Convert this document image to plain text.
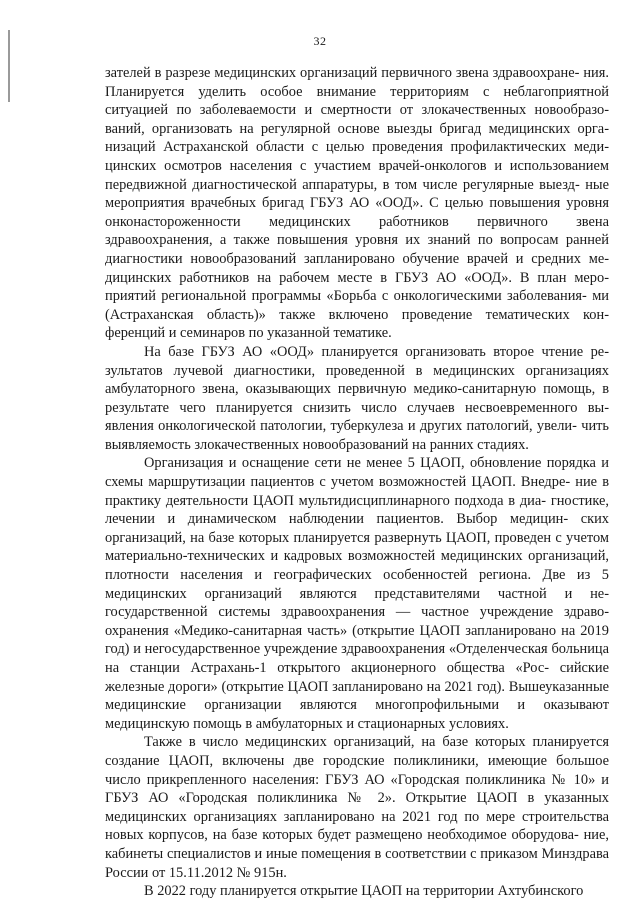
32

зателей в разрезе медицинских организаций первичного звена здравоохране- ния. Планируется уделить особое внимание территориям с неблагоприятной ситуацией по заболеваемости и смертности от злокачественных новообразо- ваний, организовать на регулярной основе выезды бригад медицинских орга- низаций Астраханской области с целью проведения профилактических меди- цинских осмотров населения с участием врачей-онкологов и использованием передвижной диагностической аппаратуры, в том числе регулярные выезд- ные мероприятия врачебных бригад ГБУЗ АО «ООД». С целью повышения уровня онконастороженности медицинских работников первичного звена здравоохранения, а также повышения уровня их знаний по вопросам ранней диагностики новообразований запланировано обучение врачей и средних ме- дицинских работников на рабочем месте в ГБУЗ АО «ООД». В план меро- приятий региональной программы «Борьба с онкологическими заболевания- ми (Астраханская область)» также включено проведение тематических кон- ференций и семинаров по указанной тематике.

На базе ГБУЗ АО «ООД» планируется организовать второе чтение ре- зультатов лучевой диагностики, проведенной в медицинских организациях амбулаторного звена, оказывающих первичную медико-санитарную помощь, в результате чего планируется снизить число случаев несвоевременного вы- явления онкологической патологии, туберкулеза и других патологий, увели- чить выявляемость злокачественных новообразований на ранних стадиях.

Организация и оснащение сети не менее 5 ЦАОП, обновление порядка и схемы маршрутизации пациентов с учетом возможностей ЦАОП. Внедре- ние в практику деятельности ЦАОП мультидисциплинарного подхода в диа- гностике, лечении и динамическом наблюдении пациентов. Выбор медицин- ских организаций, на базе которых планируется развернуть ЦАОП, проведен с учетом материально-технических и кадровых возможностей медицинских организаций, плотности населения и географических особенностей региона. Две из 5 медицинских организаций являются представителями частной и не- государственной системы здравоохранения — частное учреждение здраво- охранения «Медико-санитарная часть» (открытие ЦАОП запланировано на 2019 год) и негосударственное учреждение здравоохранения «Отделенческая больница на станции Астрахань-1 открытого акционерного общества «Рос- сийские железные дороги» (открытие ЦАОП запланировано на 2021 год). Вышеуказанные медицинские организации являются многопрофильными и оказывают медицинскую помощь в амбулаторных и стационарных условиях.

Также в число медицинских организаций, на базе которых планируется создание ЦАОП, включены две городские поликлиники, имеющие большое число прикрепленного населения: ГБУЗ АО «Городская поликлиника № 10» и ГБУЗ АО «Городская поликлиника № 2». Открытие ЦАОП в указанных медицинских организациях запланировано на 2021 год по мере строительства новых корпусов, на базе которых будет размещено необходимое оборудова- ние, кабинеты специалистов и иные помещения в соответствии с приказом Минздрава России от 15.11.2012 № 915н.

В 2022 году планируется открытие ЦАОП на территории Ахтубинского
